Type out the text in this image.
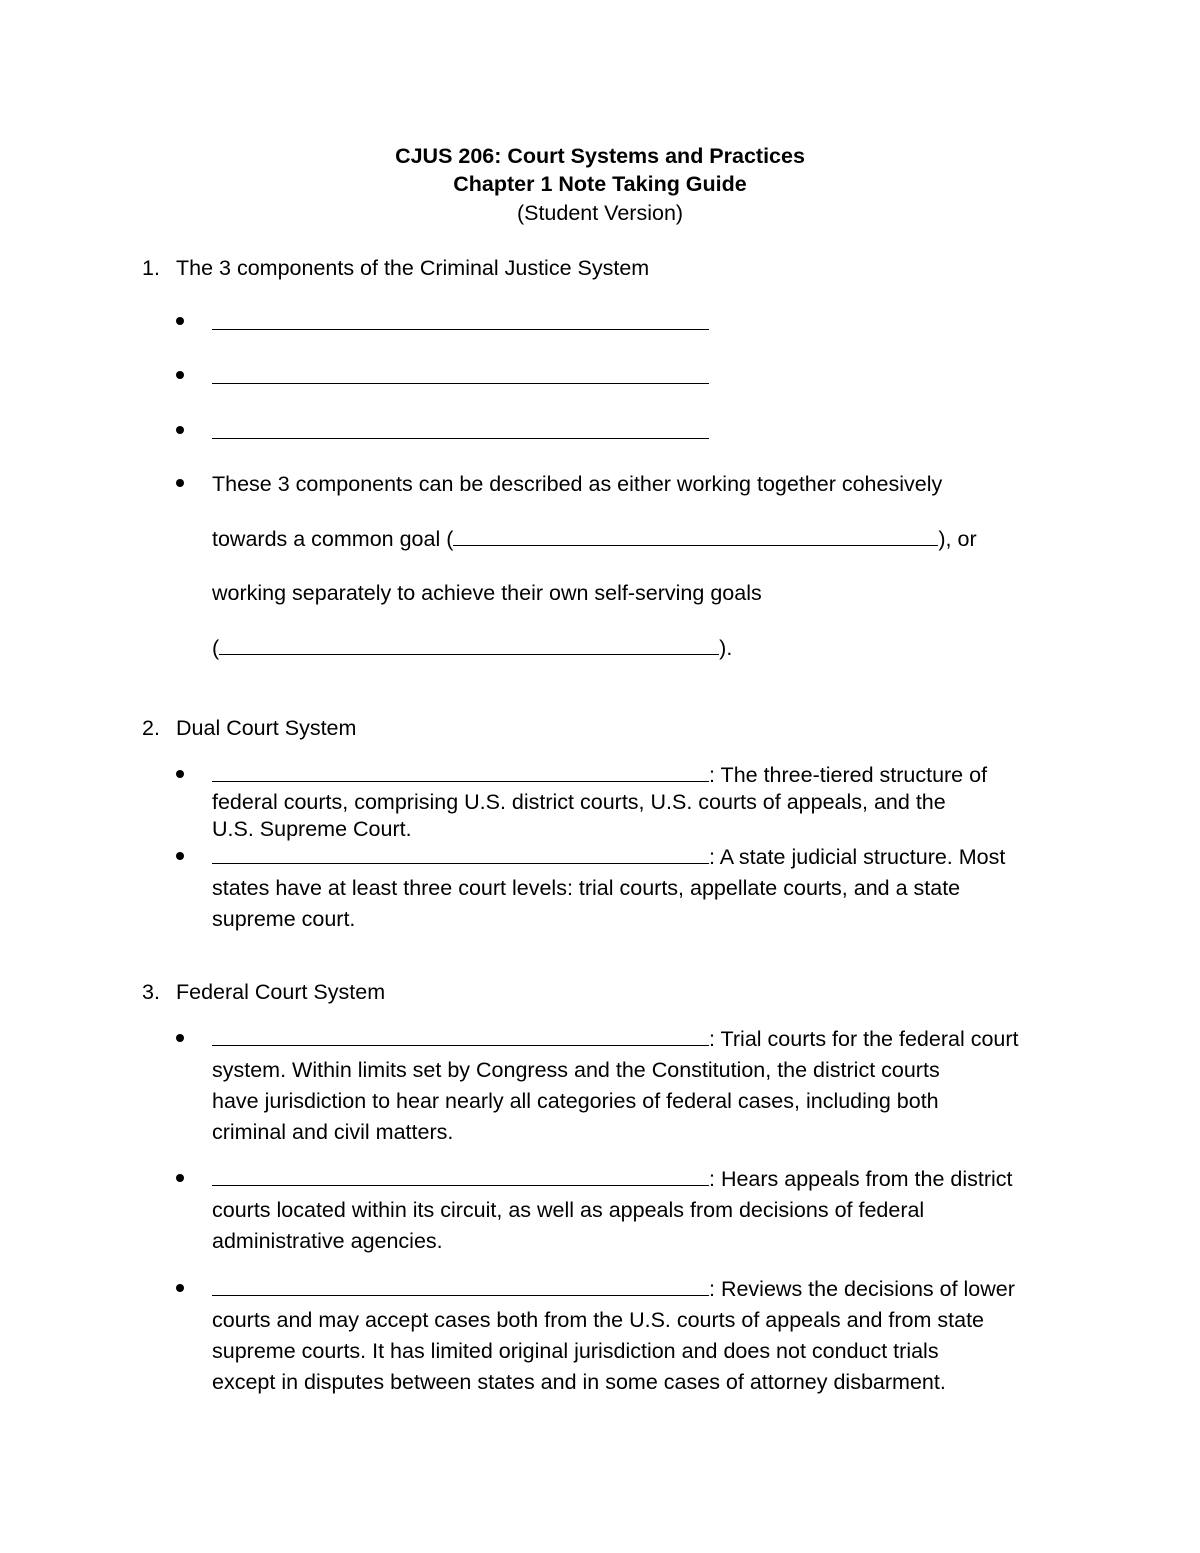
CJUS 206: Court Systems and Practices
Chapter 1 Note Taking Guide
(Student Version)
1. The 3 components of the Criminal Justice System
These 3 components can be described as either working together cohesively
towards a common goal (	), or
working separately to achieve their own self-serving goals
(	).
2. Dual Court System
: The three-tiered structure of
federal courts, comprising U.S. district courts, U.S. courts of appeals, and the
U.S. Supreme Court.
: A state judicial structure. Most
states have at least three court levels: trial courts, appellate courts, and a state
supreme court.
3. Federal Court System
: Trial courts for the federal court
system. Within limits set by Congress and the Constitution, the district courts
have jurisdiction to hear nearly all categories of federal cases, including both
criminal and civil matters.
: Hears appeals from the district
courts located within its circuit, as well as appeals from decisions of federal
administrative agencies.
: Reviews the decisions of lower
courts and may accept cases both from the U.S. courts of appeals and from state
supreme courts. It has limited original jurisdiction and does not conduct trials
except in disputes between states and in some cases of attorney disbarment.
